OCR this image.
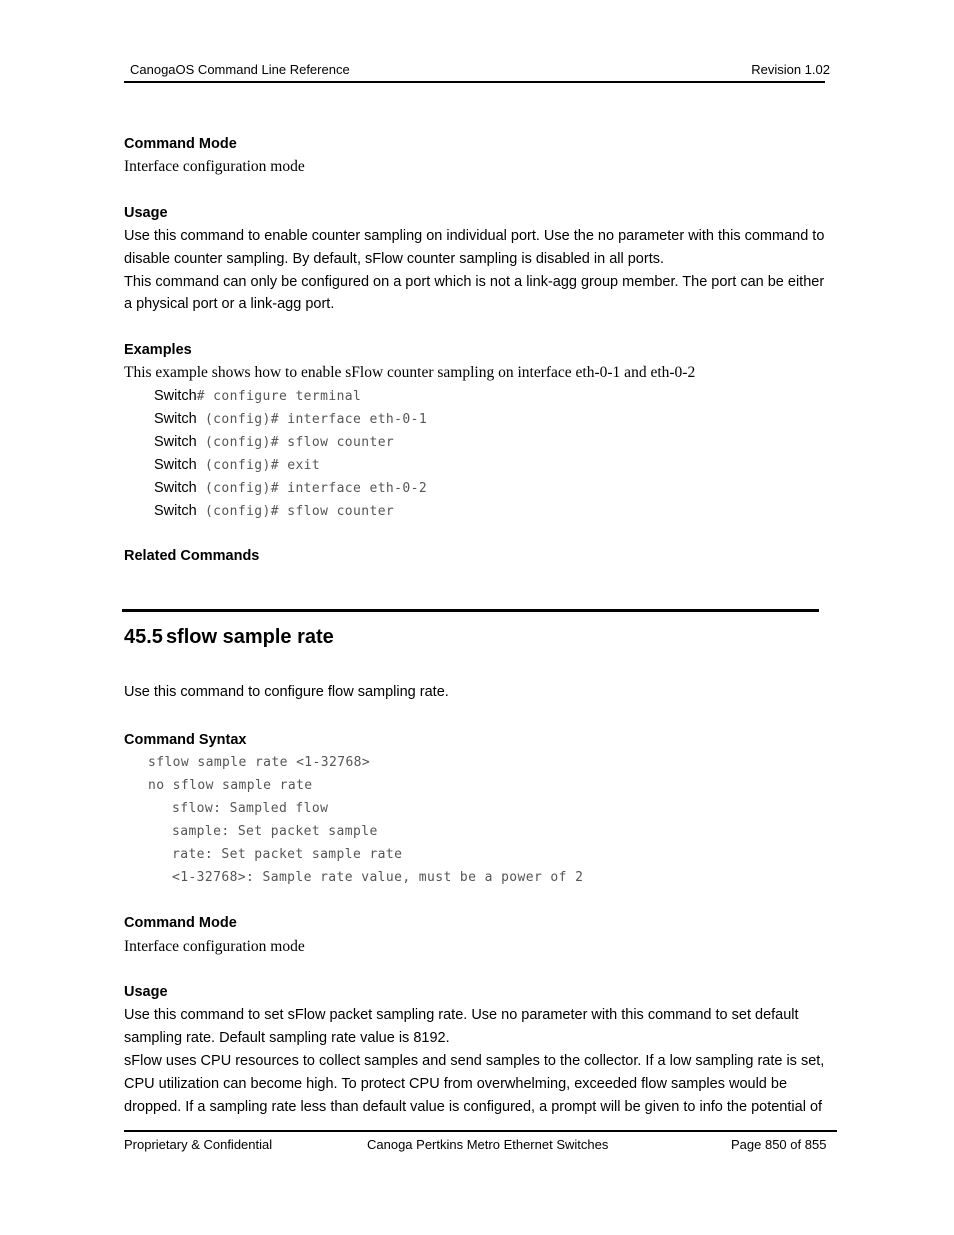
CanogaOS Command Line Reference	Revision 1.02
Command Mode
Interface configuration mode
Usage
Use this command to enable counter sampling on individual port. Use the no parameter with this command to
disable counter sampling. By default, sFlow counter sampling is disabled in all ports.
This command can only be configured on a port which is not a link-agg group member. The port can be either
a physical port or a link-agg port.
Examples
This example shows how to enable sFlow counter sampling on interface eth-0-1 and eth-0-2
Switch# configure terminal
Switch (config)# interface eth-0-1
Switch (config)# sflow counter
Switch (config)# exit
Switch (config)# interface eth-0-2
Switch (config)# sflow counter
Related Commands
45.5 sflow sample rate
Use this command to configure flow sampling rate.
Command Syntax
sflow sample rate <1-32768>
no sflow sample rate
sflow: Sampled flow
sample: Set packet sample
rate: Set packet sample rate
<1-32768>: Sample rate value, must be a power of 2
Command Mode
Interface configuration mode
Usage
Use this command to set sFlow packet sampling rate. Use no parameter with this command to set default
sampling rate. Default sampling rate value is 8192.
sFlow uses CPU resources to collect samples and send samples to the collector. If a low sampling rate is set,
CPU utilization can become high. To protect CPU from overwhelming, exceeded flow samples would be
dropped. If a sampling rate less than default value is configured, a prompt will be given to info the potential of
Proprietary & Confidential	Canoga Pertkins Metro Ethernet Switches	Page 850 of 855
